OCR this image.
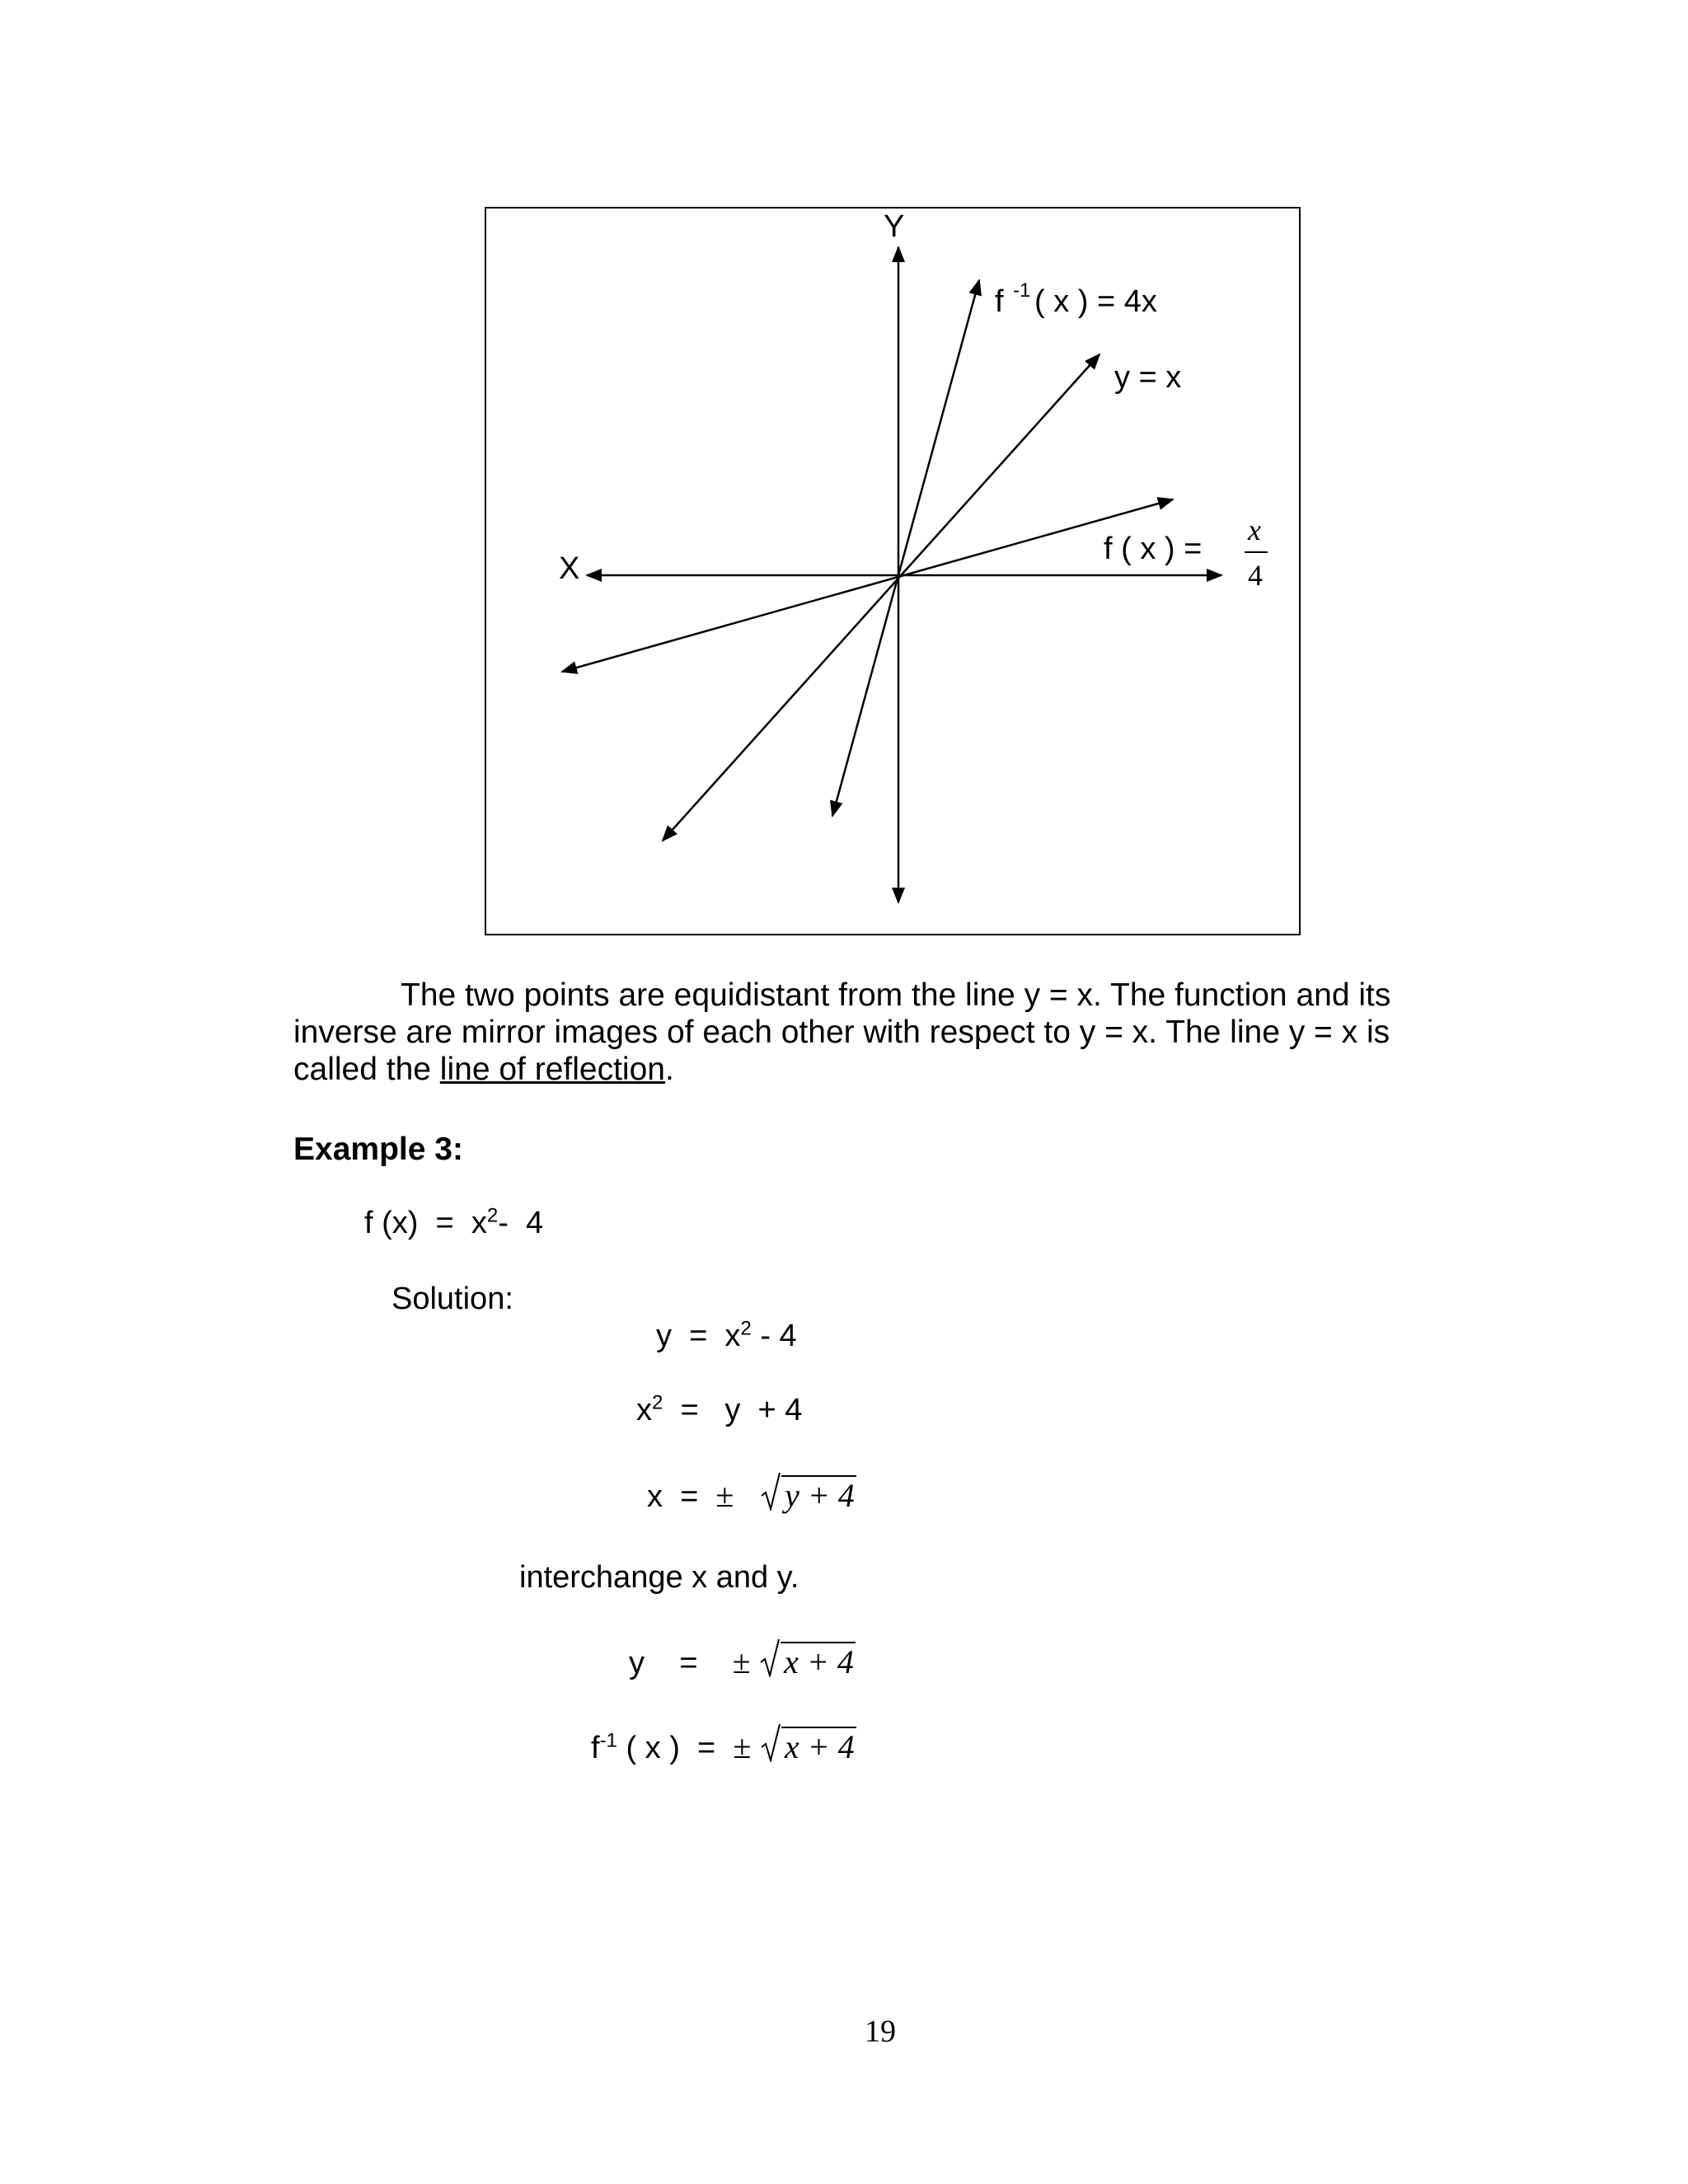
Y
X
f -1 ( x ) = 4x
y = x
f ( x ) =
x
4

The two points are equidistant from the line y = x. The function and its inverse are mirror images of each other with respect to y = x. The line y = x is called the line of reflection.

Example 3:

f $(x) = x^2-$  4

Solution:

$y = x^2 - 4$

$x^2 = y + 4$

x  =  ± y + 4

interchange x and y.

y    =    ± x + 4

$f^{-1}$ ( x )  =  ± x + 4

19
